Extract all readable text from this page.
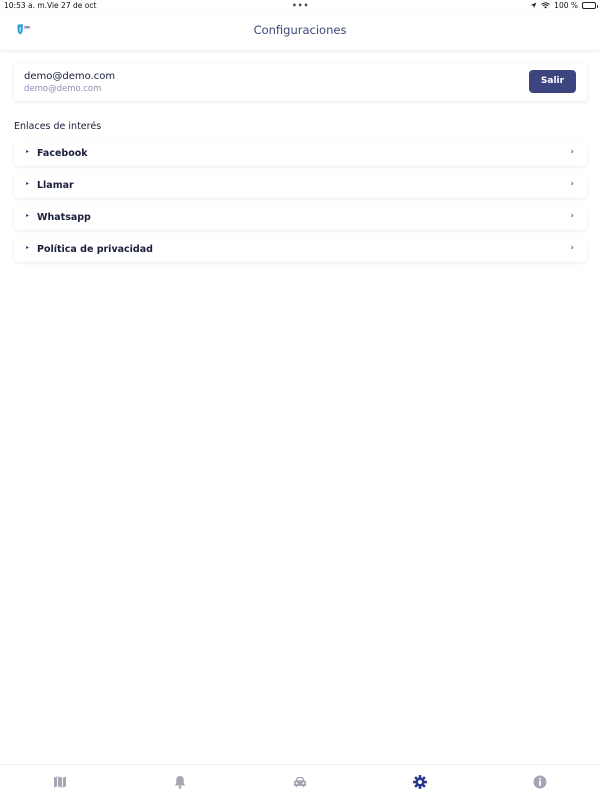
10:53 a. m. Vie 27 de oct	•••	100 %
DN	Configuraciones
demo@demo.com
demo@demo.com
Salir
Enlaces de interés
▸ Facebook	›
▸ Llamar	›
▸ Whatsapp	›
▸ Política de privacidad	›
